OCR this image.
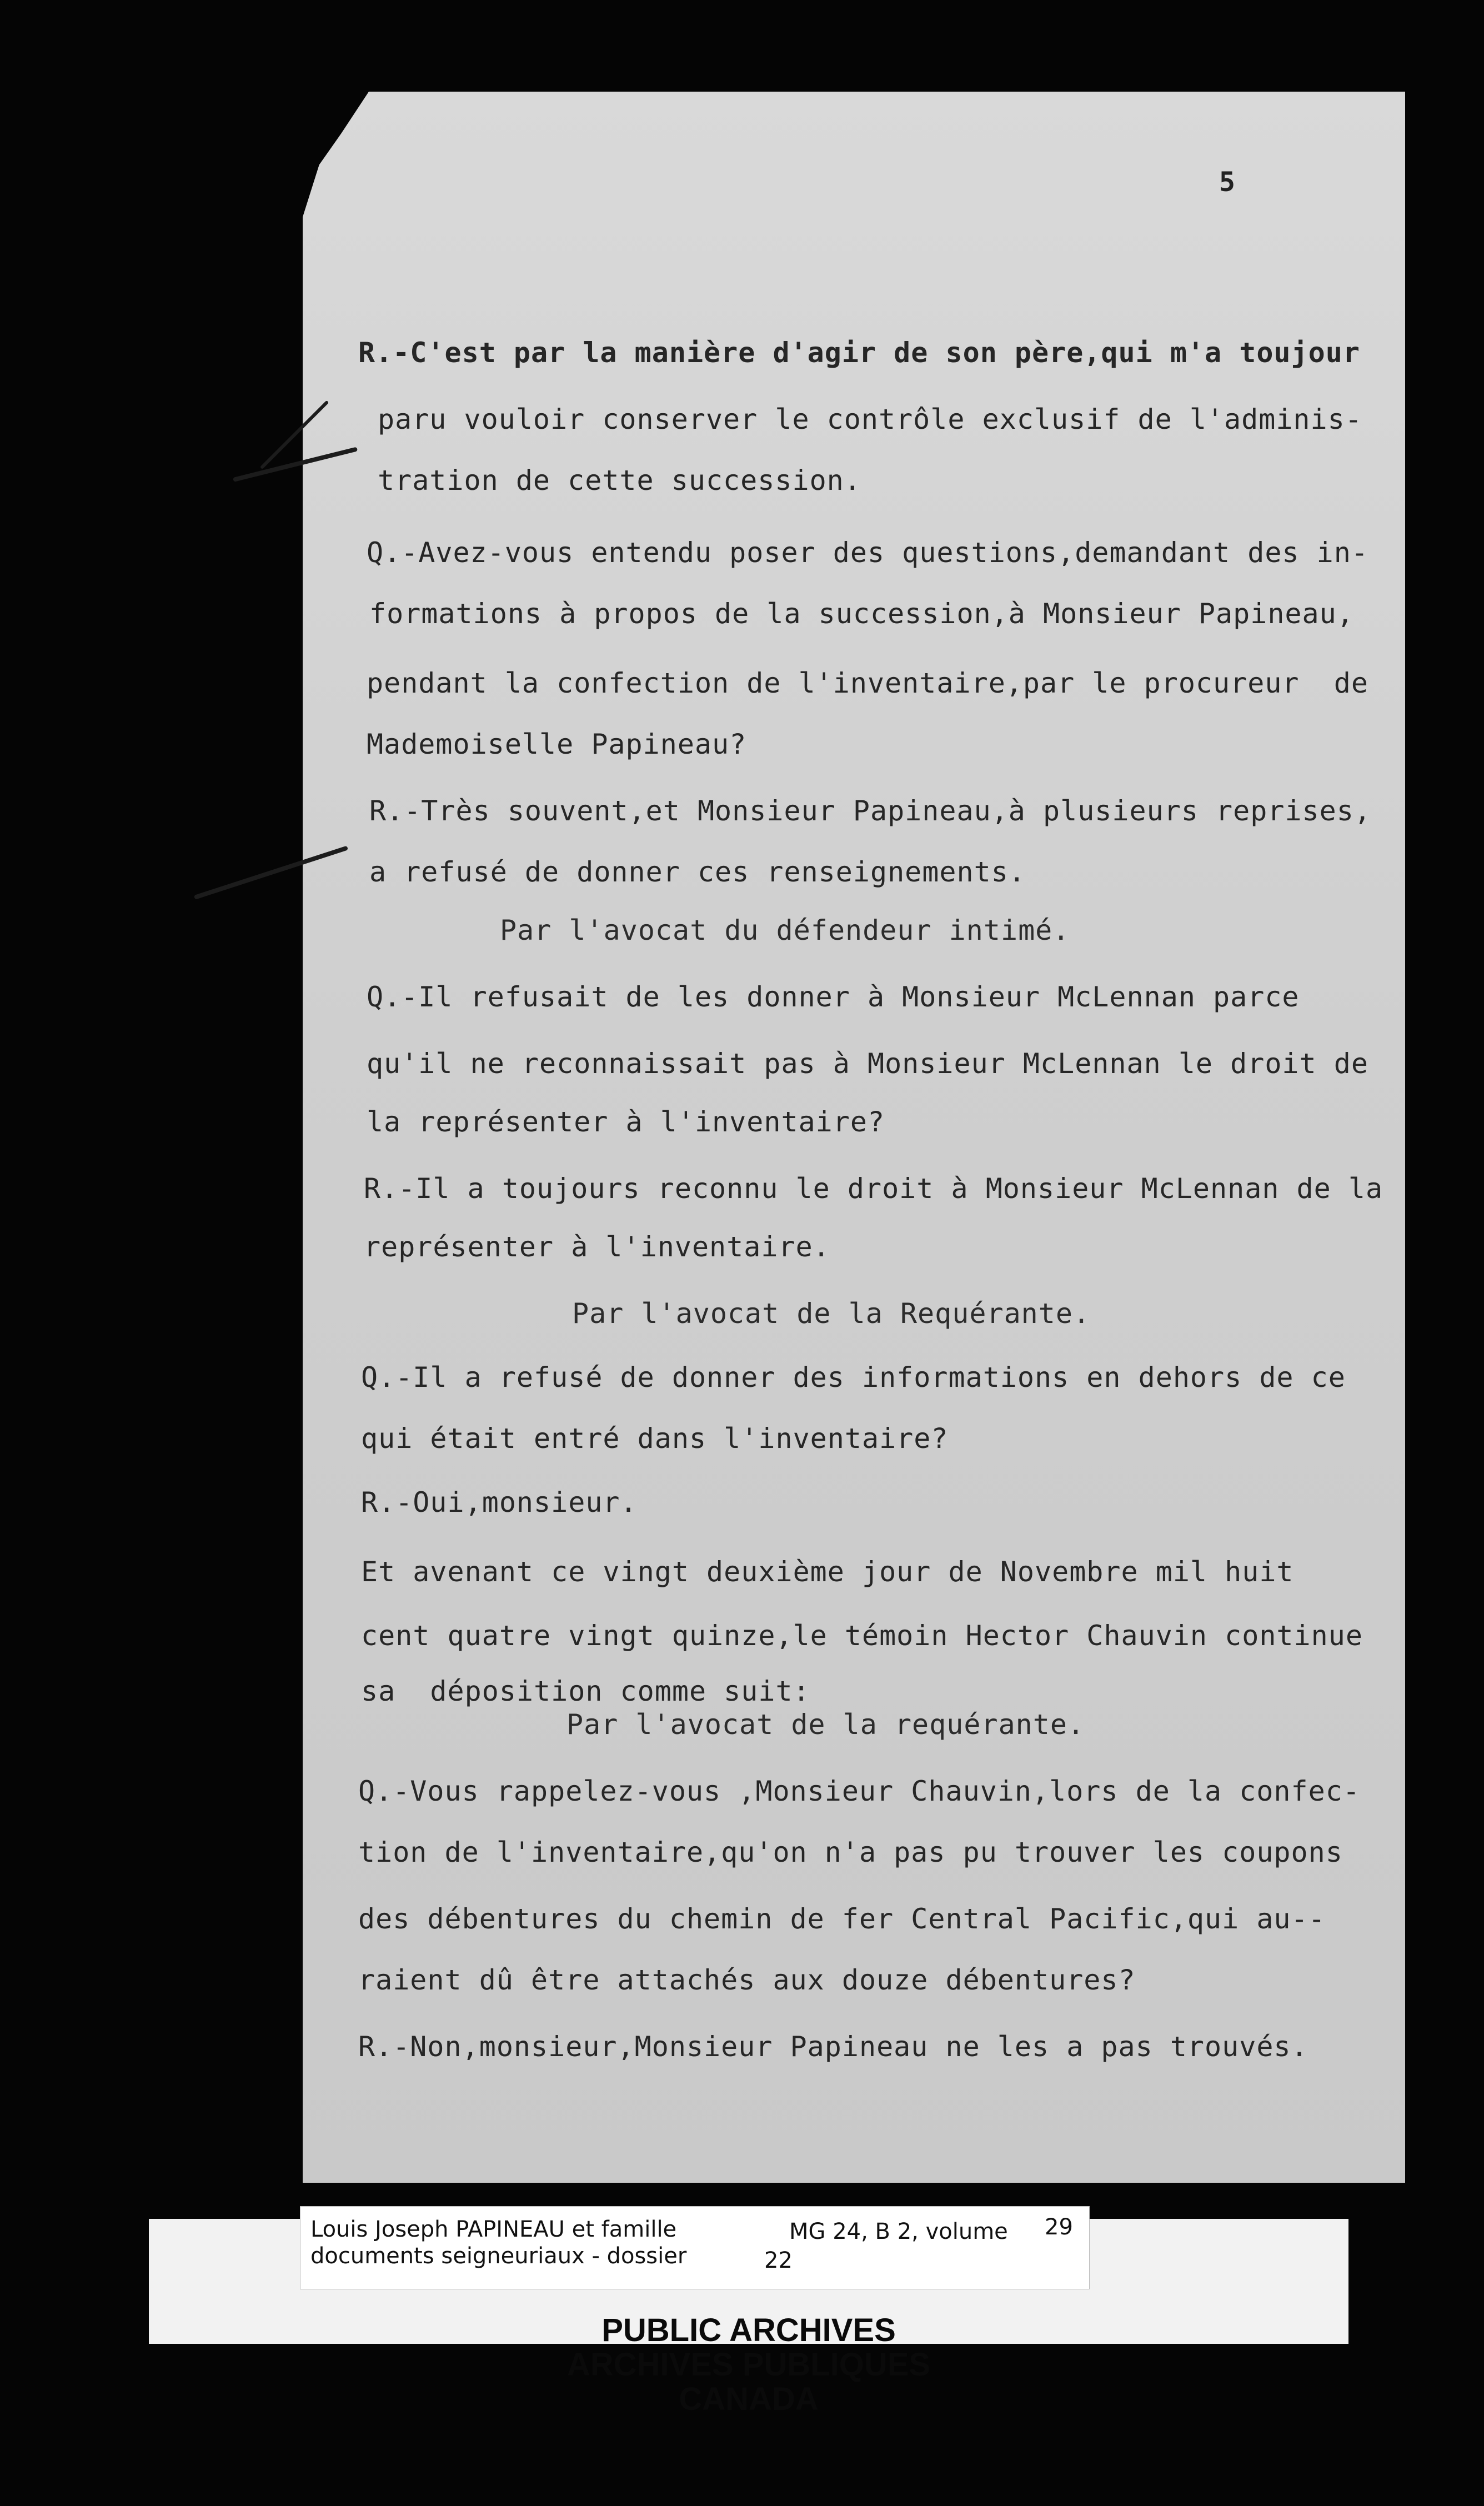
5

R.-C'est par la manière d'agir de son père,qui m'a toujour

paru vouloir conserver le contrôle exclusif de l'adminis-

tration de cette succession.

Q.-Avez-vous entendu poser des questions,demandant des in-

formations à propos de la succession,à Monsieur Papineau,

pendant la confection de l'inventaire,par le procureur  de

Mademoiselle Papineau?

R.-Très souvent,et Monsieur Papineau,à plusieurs reprises,

a refusé de donner ces renseignements.

Par l'avocat du défendeur intimé.

Q.-Il refusait de les donner à Monsieur McLennan parce

qu'il ne reconnaissait pas à Monsieur McLennan le droit de

la représenter à l'inventaire?

R.-Il a toujours reconnu le droit à Monsieur McLennan de la

représenter à l'inventaire.

Par l'avocat de la Requérante.

Q.-Il a refusé de donner des informations en dehors de ce

qui était entré dans l'inventaire?

R.-Oui,monsieur.

Et avenant ce vingt deuxième jour de Novembre mil huit

cent quatre vingt quinze,le témoin Hector Chauvin continue

sa  déposition comme suit:

Par l'avocat de la requérante.

Q.-Vous rappelez-vous ,Monsieur Chauvin,lors de la confec-

tion de l'inventaire,qu'on n'a pas pu trouver les coupons

des débentures du chemin de fer Central Pacific,qui au--

raient dû être attachés aux douze débentures?

R.-Non,monsieur,Monsieur Papineau ne les a pas trouvés.

Louis Joseph PAPINEAU et famille
documents seigneuriaux - dossier
MG 24, B 2, volume 29
22
PUBLIC ARCHIVES
ARCHIVES PUBLIQUES
CANADA
